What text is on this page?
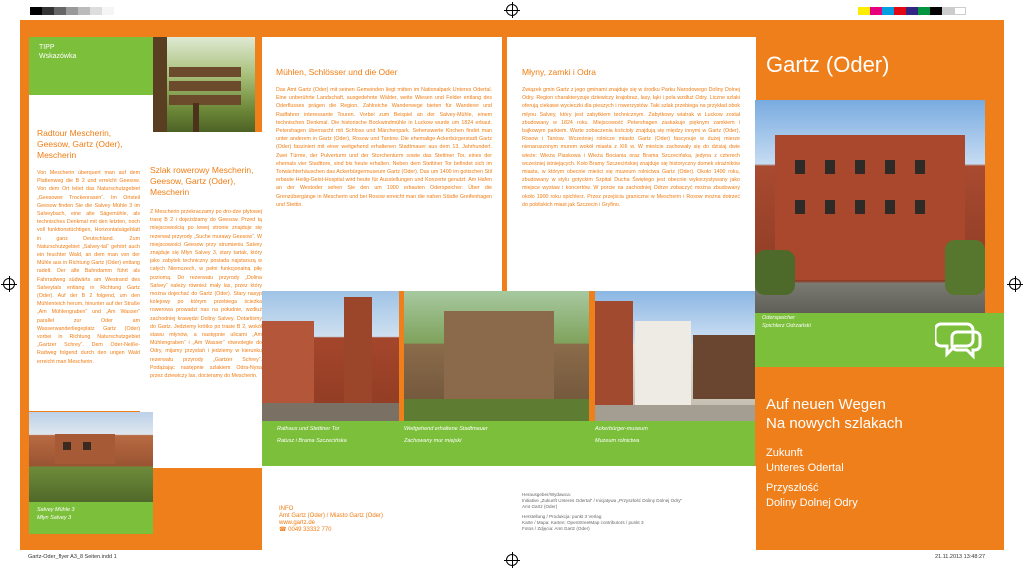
TIPP
Wskazówka
Radtour Mescherin, Geesow, Gartz (Oder), Mescherin
Von Mescherin überquert man auf dem Plattenweg die B 2 und erreicht Geesow. Von dem Ort leitet das Naturschutzgebiet „Geesower Trockenrasen“. Im Ortsteil Geesow finden Sie die Salvey Mühle 3 im Salveybach, eine alte Sägemühle, als technisches Denkmal mit den letzten, noch voll funktionstüchtigen, Horizontalsägeblatt in ganz Deutschland. Zum Naturschutzgebiet „Salvey-tal“ gehört auch ein feuchter Wald, an dem man von der Mühle aus in Richtung Gartz (Oder) entlang radelt. Der alte Bahndamm führt als Fahrradweg südwärts am Westrand des Salveytals entlang in Richtung Gartz (Oder). Auf der B 2 folgend, um den Mühlenteich herum, hinunter auf der Straße „Am Mühlengraben“ und „Am Wasser“ parallel zur Oder am Wasserwanderliegeplatz Gartz (Oder) vorbei in Richtung Naturschutzgebiet „Gartzer Schrey“. Dem Oder-Neiße-Radweg folgend durch den urigen Wald erreicht man Mescherin.
Salvey Mühle 3
Młyn Salvey 3
Szlak rowerowy Mescherin, Geesow, Gartz (Oder), Mescherin
Z Mescherin przekraczamy po dro-dze płytowej trasę B 2 i dojeżdżamy do Geesow. Przed tą miejscowością po lewej stronie znajduje się rezerwat przyrody „Suche murawy Geesow“. W miejscowości Geesow przy strumieniu Salvey znajduje się Młyn Salvey 3, stary tartak, który jako zabytek techniczny posiada najstarszą w całych Niemczech, w pełni funkcjonalną piłę poziomą. Do rezerwatu przyrody „Dolina Salvey“ należy również mały las, przez który można dojechać do Gartz (Oder). Stary nasyp kolejowy po którym przebiega ścieżka rowerowa prowadzi nas na południe, wzdłuż zachodniej krawędzi Doliny Salvey. Dotarliśmy do Gartz. Jedziemy krótko po trasie B 2, wokół stawu młynów, a następnie ulicami „Am Mühlengraben“ i „Am Wasser“ równolegle do Odry, mijamy przystań i jedziemy w kierunku rezerwatu przyrody „Gartzer Schrey“. Podążając następnie szlakiem Odra-Nysa przez dziewiczy las, docieramy do Mescherin.
Mühlen, Schlösser und die Oder
Das Amt Gartz (Oder) mit seinen Gemeinden liegt mitten im Nationalpark Unteres Odertal. Eine unberührte Landschaft, ausgedehnte Wälder, weite Wiesen und Felder entlang des Oderflusses prägen die Region. Zahlreiche Wanderwege bieten für Wanderer und Radfahrer interessante Touren. Vorbei zum Beispiel an der Salvey-Mühle, einem technischen Denkmal. Die historische Bockwindmühle in Luckow wurde um 1824 erbaut. Petershagen überrascht mit Schloss und Märchenpark. Sehenswerte Kirchen findet man unter anderem in Gartz (Oder), Rosow und Tantow. Die ehemalige Ackerbürgerstadt Gartz (Oder) fasziniert mit einer weitgehend erhaltenen Stadtmauer aus dem 13. Jahrhundert. Zwei Türme, der Pulverturm und der Storchenturm sowie das Stettiner Tor, eines der ehemals vier Stadttore, sind bis heute erhalten. Neben dem Stettiner Tor befindet sich im Torwächterhäuschen das Ackerbürgermuseum Gartz (Oder). Das um 1400 im gotischen Stil erbaute Heilig-Geist-Hospital wird heute für Ausstellungen und Konzerte genutzt. Am Hafen an der Westoder sehen Sie den um 1900 erbauten Oderspeicher. Über die Grenzübergänge in Mescherin und bei Rosow erreicht man die nahen Städte Greifenhagen und Stettin.
Rathaus und Stettiner Tor
Ratusz i Brama Szczecińska
Weitgehend erhaltene Stadtmauer
Zachowany mur miejski
Ackerbürger-museum
Muzeum rolnictwa
INFO
Amt Gartz (Oder) / Miasto Gartz (Oder)
www.gartz.de
☎ 0049 33332 770
Młyny, zamki i Odra
Związek gmin Gartz z jego gminami znajduje się w środku Parku Narodowego Doliny Dolnej Odry. Region charakteryzuje dziewiczy krajobraz, lasy, łąki i pola wzdłuż Odry. Liczne szlaki oferują ciekawe wycieczki dla pieszych i rowerzystów. Taki szlak przebiega na przykład obok młynu Salvey, który jest zabytkiem technicznym. Zabytkowy wiatrak w Luckow został zbudowany w 1824 roku. Miejscowość Petershagen zaskakuje pięknym zamkiem i bajkowym parkiem. Warte zobaczenia kościoły znajdują się między innymi w Gartz (Oder), Rosow i Tantow. Wcześniej rolnicze miasto Gartz (Oder) fascynuje w dużej mierze nienaruszonym murem wokół miasta z XIII w. W mieście zachowały się do dzisiaj dwie wieże: Wieża Piaskowa i Wieża Bociania oraz Brama Szczecińska, jedyna z czterech wcześniej istniejących. Koło Bramy Szczecińskiej znajduje się historyczny domek strażników miasta, w którym obecnie mieści się muzeum rolnictwa Gartz (Oder). Około 1400 roku, zbudowany w stylu gotyckim Szpital Ducha Świętego jest obecnie wykorzystywany jako miejsce wystaw i koncertów. W porcie na zachodniej Odrze zobaczyć można zbudowany około 1900 roku spichlerz. Przez przejścia graniczne w Mescherin i Rosow można dotrzeć do pobliskich miast jak Szczecin i Gryfino.
Herausgeber/Wydawca:
Initiative „Zukunft Unteres Odertal“ / Inicjatywa „Przyszłość Doliny Dolnej Odry“
Amt Gartz (Oder)
Herstellung / Produkcja: punkt 3 Verlag
Karte / Mapa: Karten: OpenStreetMap contributors / punkt 3
Fotos / Zdjęcia: Amt Gartz (Oder)
Gartz (Oder)
Oderspeicher
Spichlerz Odrzański
Auf neuen Wegen
Na nowych szlakach
Zukunft
Unteres Odertal
Przyszłość
Doliny Dolnej Odry
Gartz-Oder_flyer A3_8 Seiten.indd 1	21.11.2013 13:48:27
